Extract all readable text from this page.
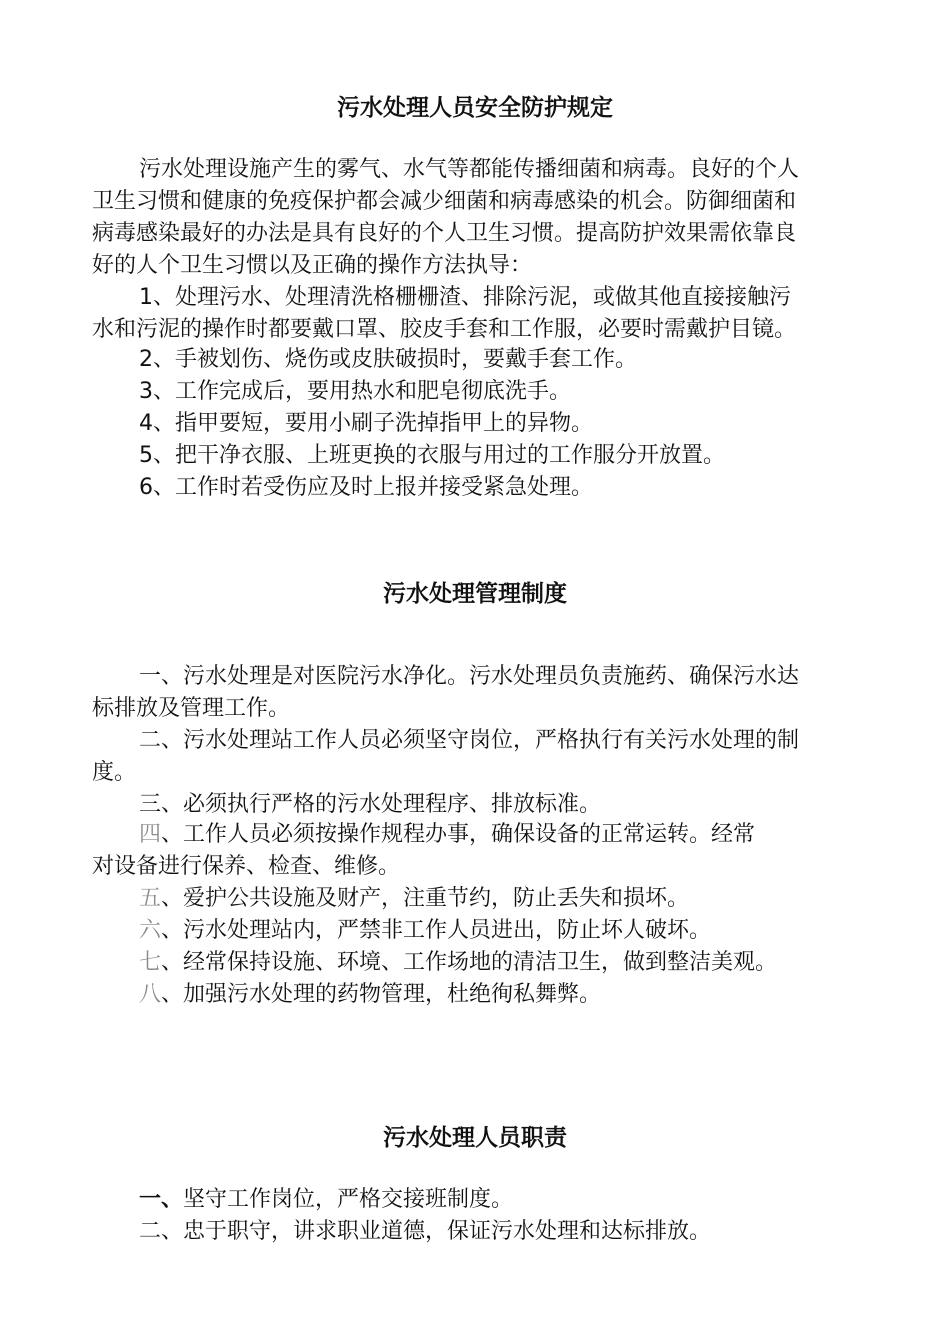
污水处理人员安全防护规定

污水处理设施产生的雾气、水气等都能传播细菌和病毒。良好的个人

卫生习惯和健康的免疫保护都会减少细菌和病毒感染的机会。防御细菌和

病毒感染最好的办法是具有良好的个人卫生习惯。提高防护效果需依靠良

好的人个卫生习惯以及正确的操作方法执导：

1、处理污水、处理清洗格栅栅渣、排除污泥，或做其他直接接触污

水和污泥的操作时都要戴口罩、胶皮手套和工作服，必要时需戴护目镜。

2、手被划伤、烧伤或皮肤破损时，要戴手套工作。

3、工作完成后，要用热水和肥皂彻底洗手。

4、指甲要短，要用小刷子洗掉指甲上的异物。

5、把干净衣服、上班更换的衣服与用过的工作服分开放置。

6、工作时若受伤应及时上报并接受紧急处理。

污水处理管理制度

一、污水处理是对医院污水净化。污水处理员负责施药、确保污水达

标排放及管理工作。

二、污水处理站工作人员必须坚守岗位，严格执行有关污水处理的制

度。

三、必须执行严格的污水处理程序、排放标准。

四、工作人员必须按操作规程办事，确保设备的正常运转。经常

对设备进行保养、检查、维修。

五、爱护公共设施及财产，注重节约，防止丢失和损坏。

六、污水处理站内，严禁非工作人员进出，防止坏人破坏。

七、经常保持设施、环境、工作场地的清洁卫生，做到整洁美观。

八、加强污水处理的药物管理，杜绝徇私舞弊。

污水处理人员职责

一、坚守工作岗位，严格交接班制度。

二、忠于职守，讲求职业道德，保证污水处理和达标排放。
